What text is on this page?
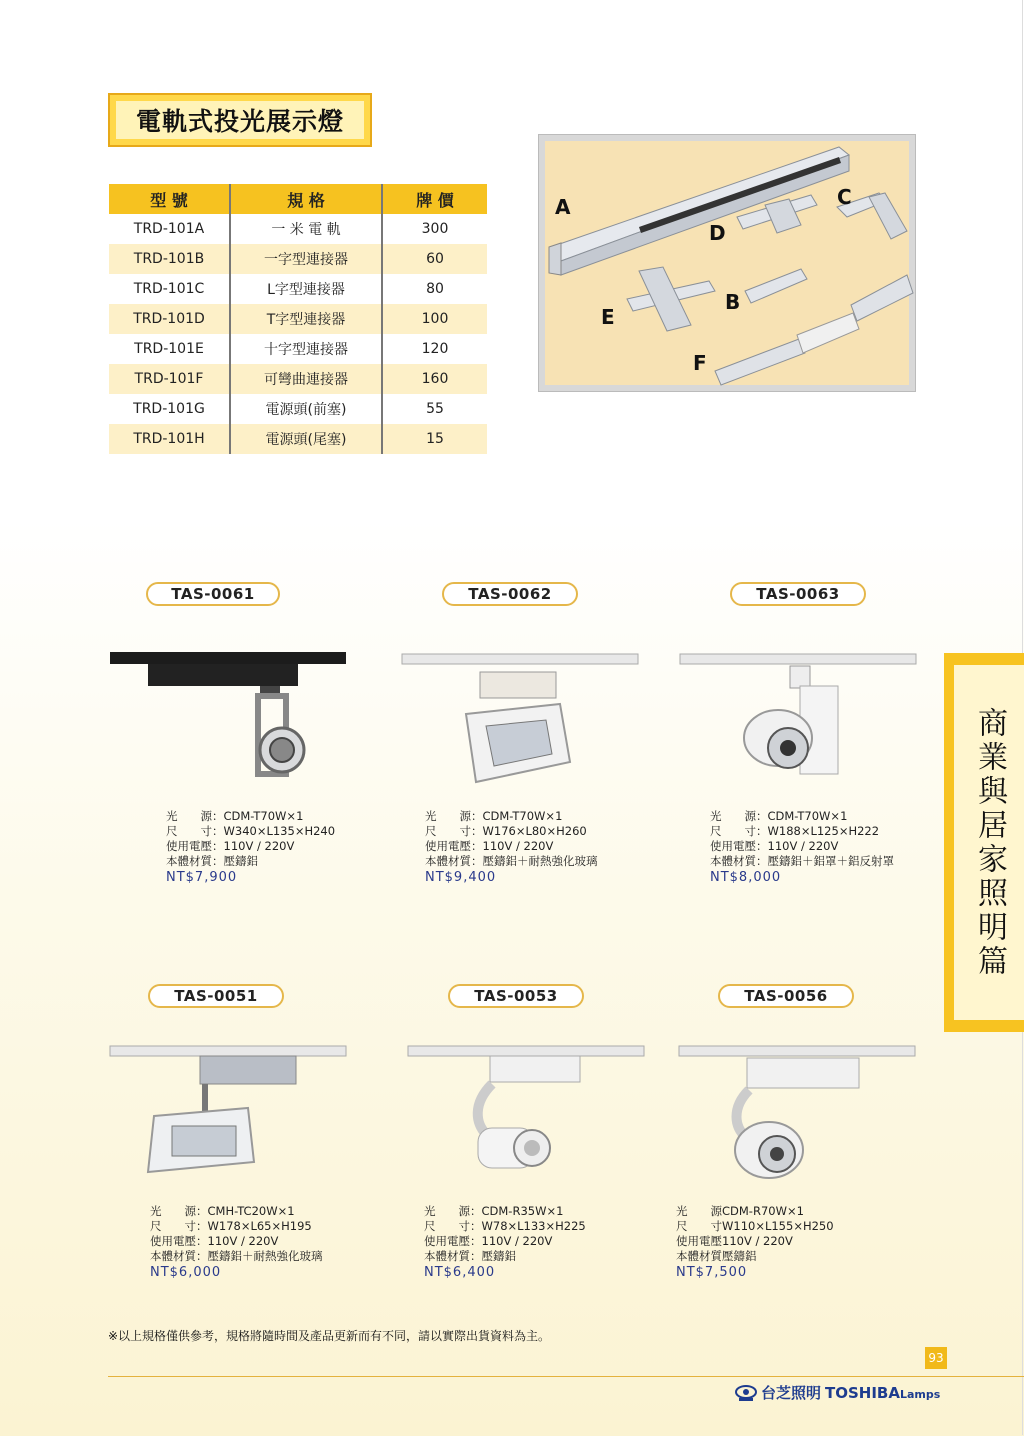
電軌式投光展示燈
型 號	規 格	牌 價
TRD-101A	一 米 電 軌	300
TRD-101B	一字型連接器	60
TRD-101C	L字型連接器	80
TRD-101D	T字型連接器	100
TRD-101E	十字型連接器	120
TRD-101F	可彎曲連接器	160
TRD-101G	電源頭(前塞)	55
TRD-101H	電源頭(尾塞)	15
A
B
C
D
E
F
TAS-0061	TAS-0062	TAS-0063
光　　源：CDM-T70W×1
尺　　寸：W340×L135×H240
使用電壓：110V / 220V
本體材質：壓鑄鋁
NT$7,900
光　　源：CDM-T70W×1
尺　　寸：W176×L80×H260
使用電壓：110V / 220V
本體材質：壓鑄鋁＋耐熱強化玻璃
NT$9,400
光　　源：CDM-T70W×1
尺　　寸：W188×L125×H222
使用電壓：110V / 220V
本體材質：壓鑄鋁＋鋁罩＋鋁反射罩
NT$8,000
TAS-0051	TAS-0053	TAS-0056
光　　源：CMH-TC20W×1
尺　　寸：W178×L65×H195
使用電壓：110V / 220V
本體材質：壓鑄鋁＋耐熱強化玻璃
NT$6,000
光　　源：CDM-R35W×1
尺　　寸：W78×L133×H225
使用電壓：110V / 220V
本體材質：壓鑄鋁
NT$6,400
光　　源CDM-R70W×1
尺　　寸W110×L155×H250
使用電壓110V / 220V
本體材質壓鑄鋁
NT$7,500
商業與居家照明篇
※以上規格僅供參考，規格將隨時間及產品更新而有不同，請以實際出貨資料為主。
93
台芝照明 TOSHIBALamps
